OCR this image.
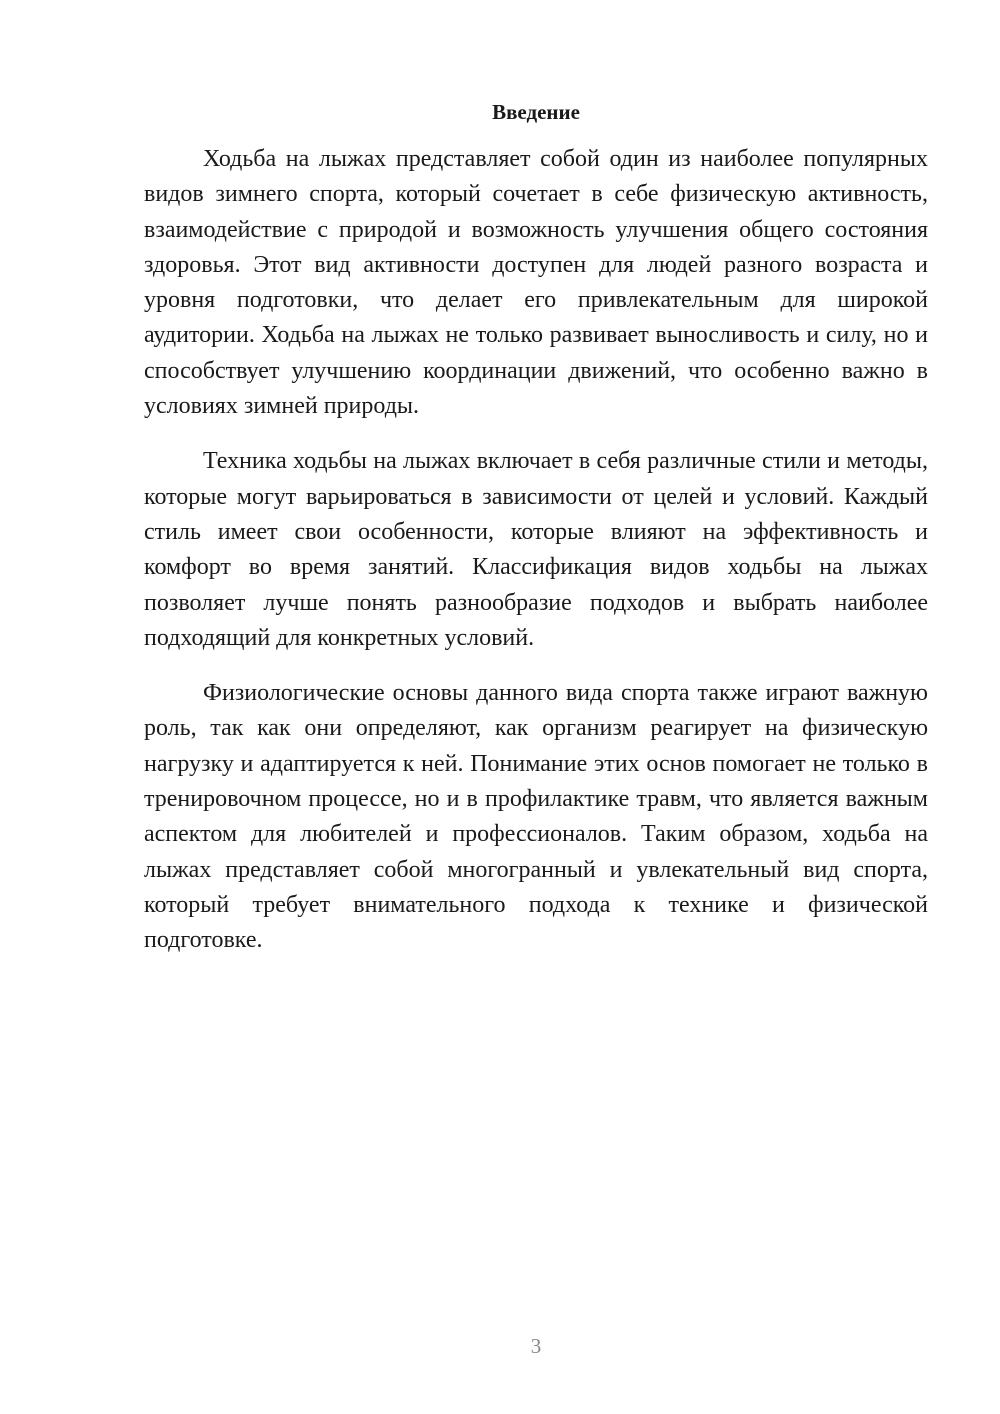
Введение

Ходьба на лыжах представляет собой один из наиболее популярных видов зимнего спорта, который сочетает в себе физическую активность, взаимодействие с природой и возможность улучшения общего состояния здоровья. Этот вид активности доступен для людей разного возраста и уровня подготовки, что делает его привлекательным для широкой аудитории. Ходьба на лыжах не только развивает выносливость и силу, но и способствует улучшению координации движений, что особенно важно в условиях зимней природы.

Техника ходьбы на лыжах включает в себя различные стили и методы, которые могут варьироваться в зависимости от целей и условий. Каждый стиль имеет свои особенности, которые влияют на эффективность и комфорт во время занятий. Классификация видов ходьбы на лыжах позволяет лучше понять разнообразие подходов и выбрать наиболее подходящий для конкретных условий.

Физиологические основы данного вида спорта также играют важную роль, так как они определяют, как организм реагирует на физическую нагрузку и адаптируется к ней. Понимание этих основ помогает не только в тренировочном процессе, но и в профилактике травм, что является важным аспектом для любителей и профессионалов. Таким образом, ходьба на лыжах представляет собой многогранный и увлекательный вид спорта, который требует внимательного подхода к технике и физической подготовке.

3
